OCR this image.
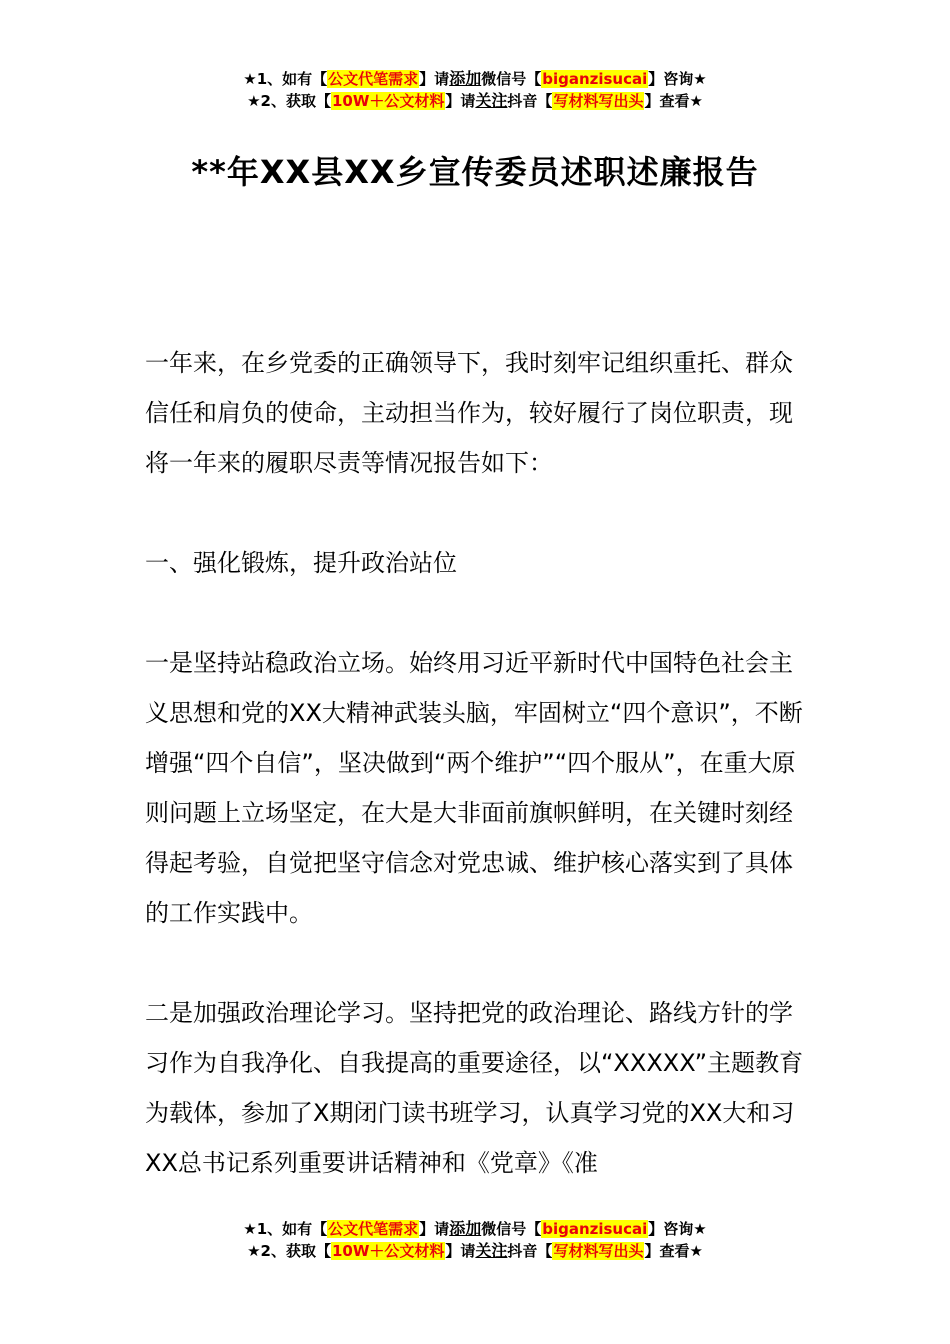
★1、如有【公文代笔需求】请添加微信号【biganzisucai】咨询★
★2、获取【10W＋公文材料】请关注抖音【写材料写出头】查看★
**年XX县XX乡宣传委员述职述廉报告

一年来，在乡党委的正确领导下，我时刻牢记组织重托、群众信任和肩负的使命，主动担当作为，较好履行了岗位职责，现将一年来的履职尽责等情况报告如下：

一、强化锻炼，提升政治站位

一是坚持站稳政治立场。始终用习近平新时代中国特色社会主义思想和党的XX大精神武装头脑，牢固树立“四个意识”，不断增强“四个自信”，坚决做到“两个维护”“四个服从”，在重大原则问题上立场坚定，在大是大非面前旗帜鲜明，在关键时刻经得起考验，自觉把坚守信念对党忠诚、维护核心落实到了具体的工作实践中。

二是加强政治理论学习。坚持把党的政治理论、路线方针的学习作为自我净化、自我提高的重要途径，以“XXXXX”主题教育为载体，参加了X期闭门读书班学习，认真学习党的XX大和习XX总书记系列重要讲话精神和《党章》《准

★1、如有【公文代笔需求】请添加微信号【biganzisucai】咨询★
★2、获取【10W＋公文材料】请关注抖音【写材料写出头】查看★
